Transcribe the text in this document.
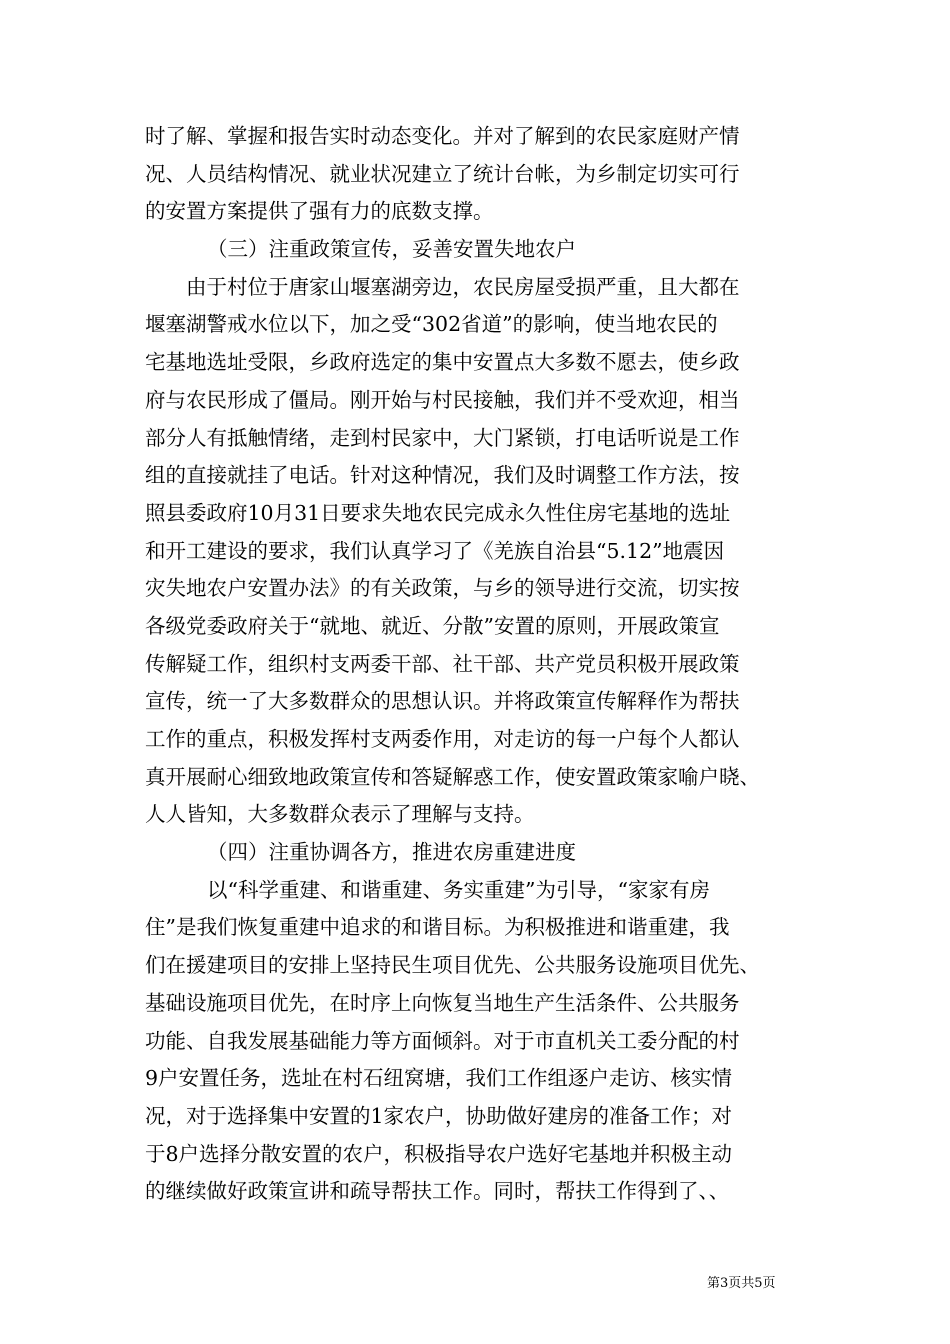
时了解、掌握和报告实时动态变化。并对了解到的农民家庭财产情
况、人员结构情况、就业状况建立了统计台帐，为乡制定切实可行
的安置方案提供了强有力的底数支撑。
（三）注重政策宣传，妥善安置失地农户
由于村位于唐家山堰塞湖旁边，农民房屋受损严重，且大都在
堰塞湖警戒水位以下，加之受“302省道”的影响，使当地农民的
宅基地选址受限，乡政府选定的集中安置点大多数不愿去，使乡政
府与农民形成了僵局。刚开始与村民接触，我们并不受欢迎，相当
部分人有抵触情绪，走到村民家中，大门紧锁，打电话听说是工作
组的直接就挂了电话。针对这种情况，我们及时调整工作方法，按
照县委政府10月31日要求失地农民完成永久性住房宅基地的选址
和开工建设的要求，我们认真学习了《羌族自治县“5.12”地震因
灾失地农户安置办法》的有关政策，与乡的领导进行交流，切实按
各级党委政府关于“就地、就近、分散”安置的原则，开展政策宣
传解疑工作，组织村支两委干部、社干部、共产党员积极开展政策
宣传，统一了大多数群众的思想认识。并将政策宣传解释作为帮扶
工作的重点，积极发挥村支两委作用，对走访的每一户每个人都认
真开展耐心细致地政策宣传和答疑解惑工作，使安置政策家喻户晓、
人人皆知，大多数群众表示了理解与支持。
（四）注重协调各方，推进农房重建进度
以“科学重建、和谐重建、务实重建”为引导，“家家有房
住”是我们恢复重建中追求的和谐目标。为积极推进和谐重建，我
们在援建项目的安排上坚持民生项目优先、公共服务设施项目优先、
基础设施项目优先，在时序上向恢复当地生产生活条件、公共服务
功能、自我发展基础能力等方面倾斜。对于市直机关工委分配的村
9户安置任务，选址在村石纽窝塘，我们工作组逐户走访、核实情
况，对于选择集中安置的1家农户，协助做好建房的准备工作；对
于8户选择分散安置的农户，积极指导农户选好宅基地并积极主动
的继续做好政策宣讲和疏导帮扶工作。同时，帮扶工作得到了、、
第3页共5页
